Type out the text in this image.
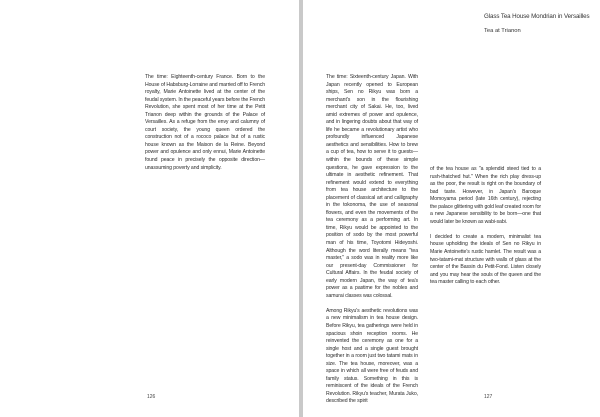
The time: Eighteenth-century France. Born to the House of Habsburg-Lorraine and married off to French royalty, Marie Antoinette lived at the center of the feudal system. In the peaceful years before the French Revolution, she spent most of her time at the Petit Trianon deep within the grounds of the Palace of Versailles. As a refuge from the envy and calumny of court society, the young queen ordered the construction not of a rococo palace but of a rustic house known as the Maison de la Reine. Beyond power and opulence and only ennui, Marie Antoinette found peace in precisely the opposite direction—unassuming poverty and simplicity.

126
Glass Tea House Mondrian in Versailles
Tea at Trianon

The time: Sixteenth-century Japan. With Japan recently opened to European ships, Sen no Rikyu was born a merchant's son in the flourishing merchant city of Sakai. He, too, lived amid extremes of power and opulence, and in lingering doubts about that way of life he became a revolutionary artist who profoundly influenced Japanese aesthetics and sensibilities. How to brew a cup of tea, how to serve it to guests—within the bounds of these simple questions, he gave expression to the ultimate in aesthetic refinement. That refinement would extend to everything from tea house architecture to the placement of classical art and calligraphy in the tokonoma, the use of seasonal flowers, and even the movements of the tea ceremony as a performing art. In time, Rikyu would be appointed to the position of sodo by the most powerful man of his time, Toyotomi Hideyoshi. Although the word literally means "tea master," a sodo was in reality more like our present-day Commissioner for Cultural Affairs. In the feudal society of early modern Japan, the way of tea's power as a pastime for the nobles and samurai classes was colossal.

Among Rikyu's aesthetic revolutions was a new minimalism in tea house design. Before Rikyu, tea gatherings were held in spacious shoin reception rooms. He reinvented the ceremony as one for a single host and a single guest brought together in a room just two tatami mats in size. The tea house, moreover, was a space in which all were free of feuds and family status. Something in this is reminiscent of the ideals of the French Revolution. Rikyu's teacher, Murata Juko, described the spirit

of the tea house as "a splendid steed tied to a rush-thatched hut." When the rich play dress-up as the poor, the result is right on the boundary of bad taste. However, in Japan's Baroque Momoyama period (late 16th century), rejecting the palace glittering with gold leaf created room for a new Japanese sensibility to be born—one that would later be known as wabi-sabi.

I decided to create a modern, minimalist tea house upholding the ideals of Sen no Rikyu in Marie Antoinette's rustic hamlet. The result was a two-tatami-mat structure with walls of glass at the center of the Bassin du Petit-Fond. Listen closely and you may hear the souls of the queen and the tea master calling to each other.

127
